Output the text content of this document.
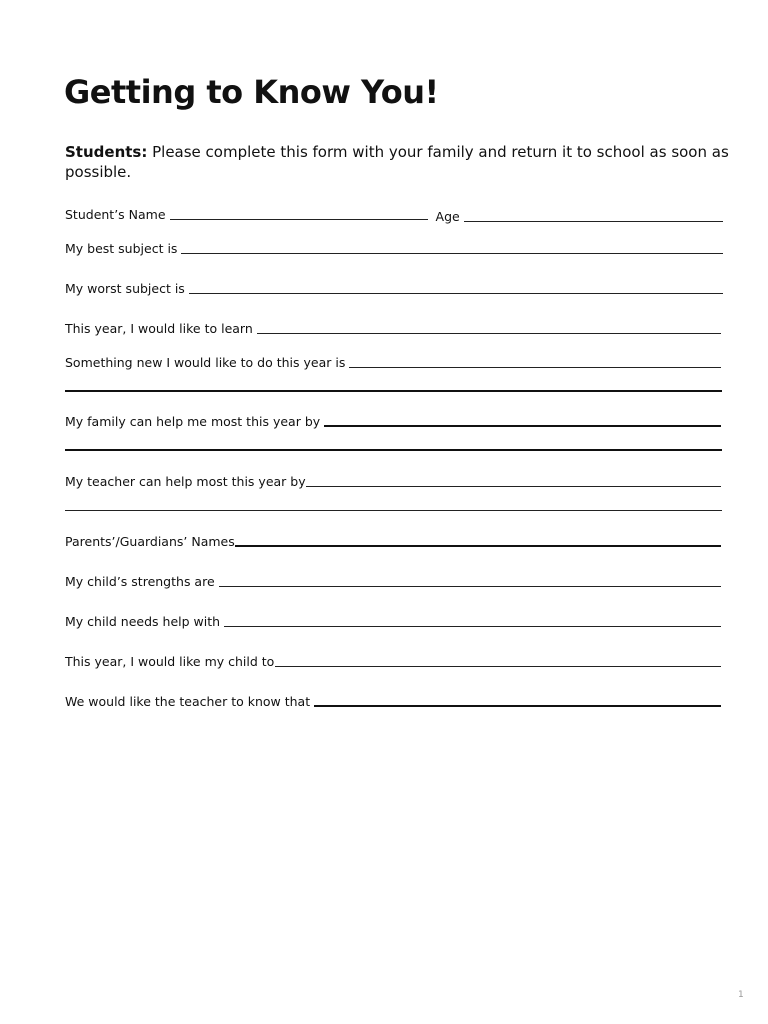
Getting to Know You!
Students: Please complete this form with your family and return it to school as soon as possible.
Student’s Name	Age
My best subject is
My worst subject is
This year, I would like to learn
Something new I would like to do this year is
My family can help me most this year by
My teacher can help most this year by
Parents’/Guardians’ Names
My child’s strengths are
My child needs help with
This year, I would like my child to
We would like the teacher to know that
1
